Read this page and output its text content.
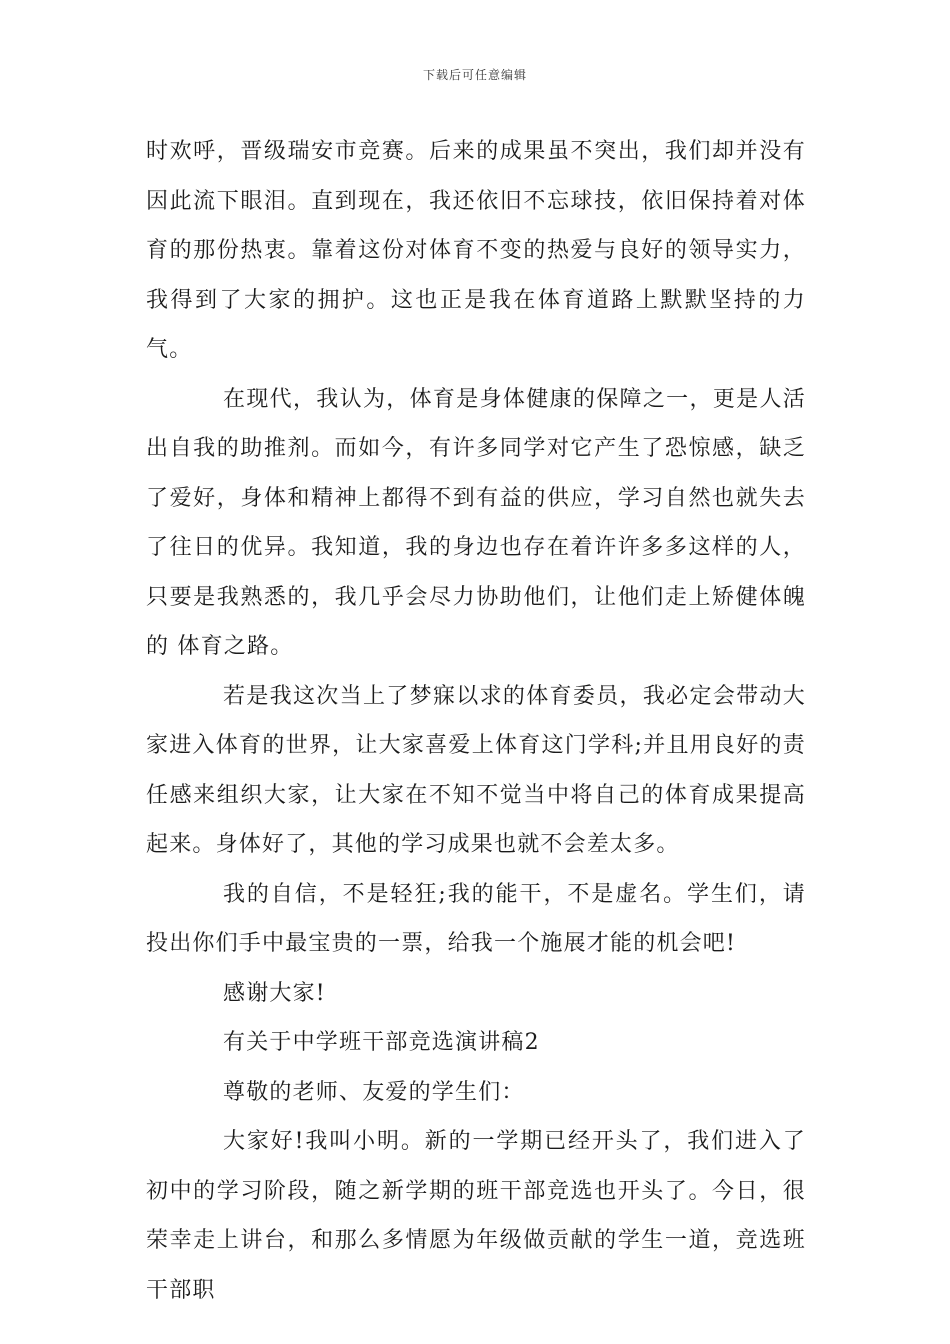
下载后可任意编辑

时欢呼，晋级瑞安市竞赛。后来的成果虽不突出，我们却并没有因此流下眼泪。直到现在，我还依旧不忘球技，依旧保持着对体育的那份热衷。靠着这份对体育不变的热爱与良好的领导实力，我得到了大家的拥护。这也正是我在体育道路上默默坚持的力气。

在现代，我认为，体育是身体健康的保障之一，更是人活出自我的助推剂。而如今，有许多同学对它产生了恐惊感，缺乏了爱好，身体和精神上都得不到有益的供应，学习自然也就失去了往日的优异。我知道，我的身边也存在着许许多多这样的人，只要是我熟悉的，我几乎会尽力协助他们，让他们走上矫健体魄的 体育之路。

若是我这次当上了梦寐以求的体育委员，我必定会带动大家进入体育的世界，让大家喜爱上体育这门学科;并且用良好的责任感来组织大家，让大家在不知不觉当中将自己的体育成果提高起来。身体好了，其他的学习成果也就不会差太多。

我的自信，不是轻狂;我的能干，不是虚名。学生们，请投出你们手中最宝贵的一票，给我一个施展才能的机会吧!

感谢大家!

有关于中学班干部竞选演讲稿2

尊敬的老师、友爱的学生们：

大家好!我叫小明。新的一学期已经开头了，我们进入了初中的学习阶段，随之新学期的班干部竞选也开头了。今日，很荣幸走上讲台，和那么多情愿为年级做贡献的学生一道，竞选班干部职
